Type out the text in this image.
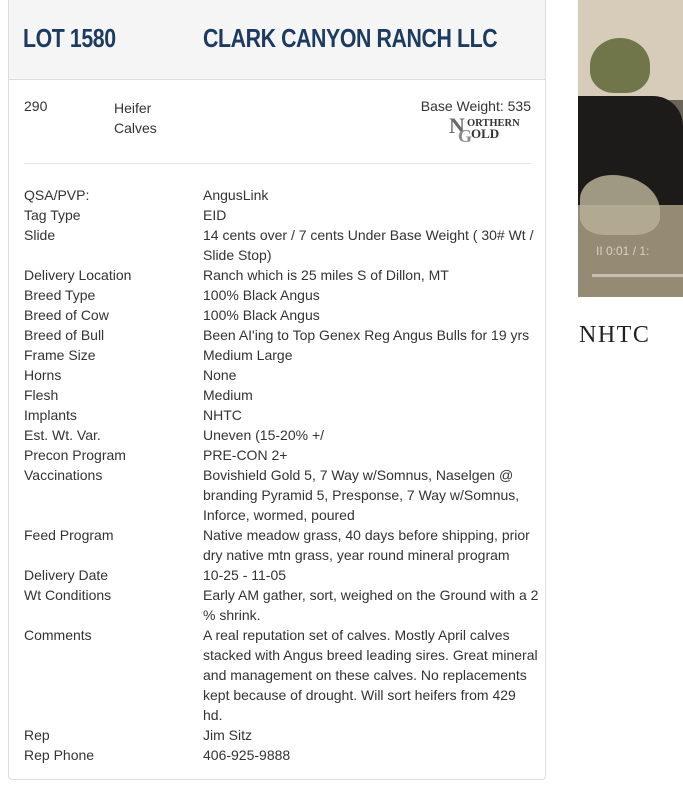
LOT 1580	CLARK CANYON RANCH LLC
290	Heifer Calves
Base Weight: 535
N
G
ORTHERN
OLD
QSA/PVP:	AngusLink
Tag Type	EID
Slide	14 cents over / 7 cents Under Base Weight ( 30# Wt / Slide Stop)
Delivery Location	Ranch which is 25 miles S of Dillon, MT
Breed Type	100% Black Angus
Breed of Cow	100% Black Angus
Breed of Bull	Been AI'ing to Top Genex Reg Angus Bulls for 19 yrs
Frame Size	Medium Large
Horns	None
Flesh	Medium
Implants	NHTC
Est. Wt. Var.	Uneven (15-20% +/
Precon Program	PRE-CON 2+
Vaccinations	Bovishield Gold 5, 7 Way w/Somnus, Naselgen @ branding Pyramid 5, Presponse, 7 Way w/Somnus, Inforce, wormed, poured
Feed Program	Native meadow grass, 40 days before shipping, prior dry native mtn grass, year round mineral program
Delivery Date	10-25 - 11-05
Wt Conditions	Early AM gather, sort, weighed on the Ground with a 2 % shrink.
Comments	A real reputation set of calves. Mostly April calves stacked with Angus breed leading sires. Great mineral and management on these calves. No replacements kept because of drought. Will sort heifers from 429 hd.
Rep	Jim Sitz
Rep Phone	406-925-9888
II 0:01 / 1:
NHTC
